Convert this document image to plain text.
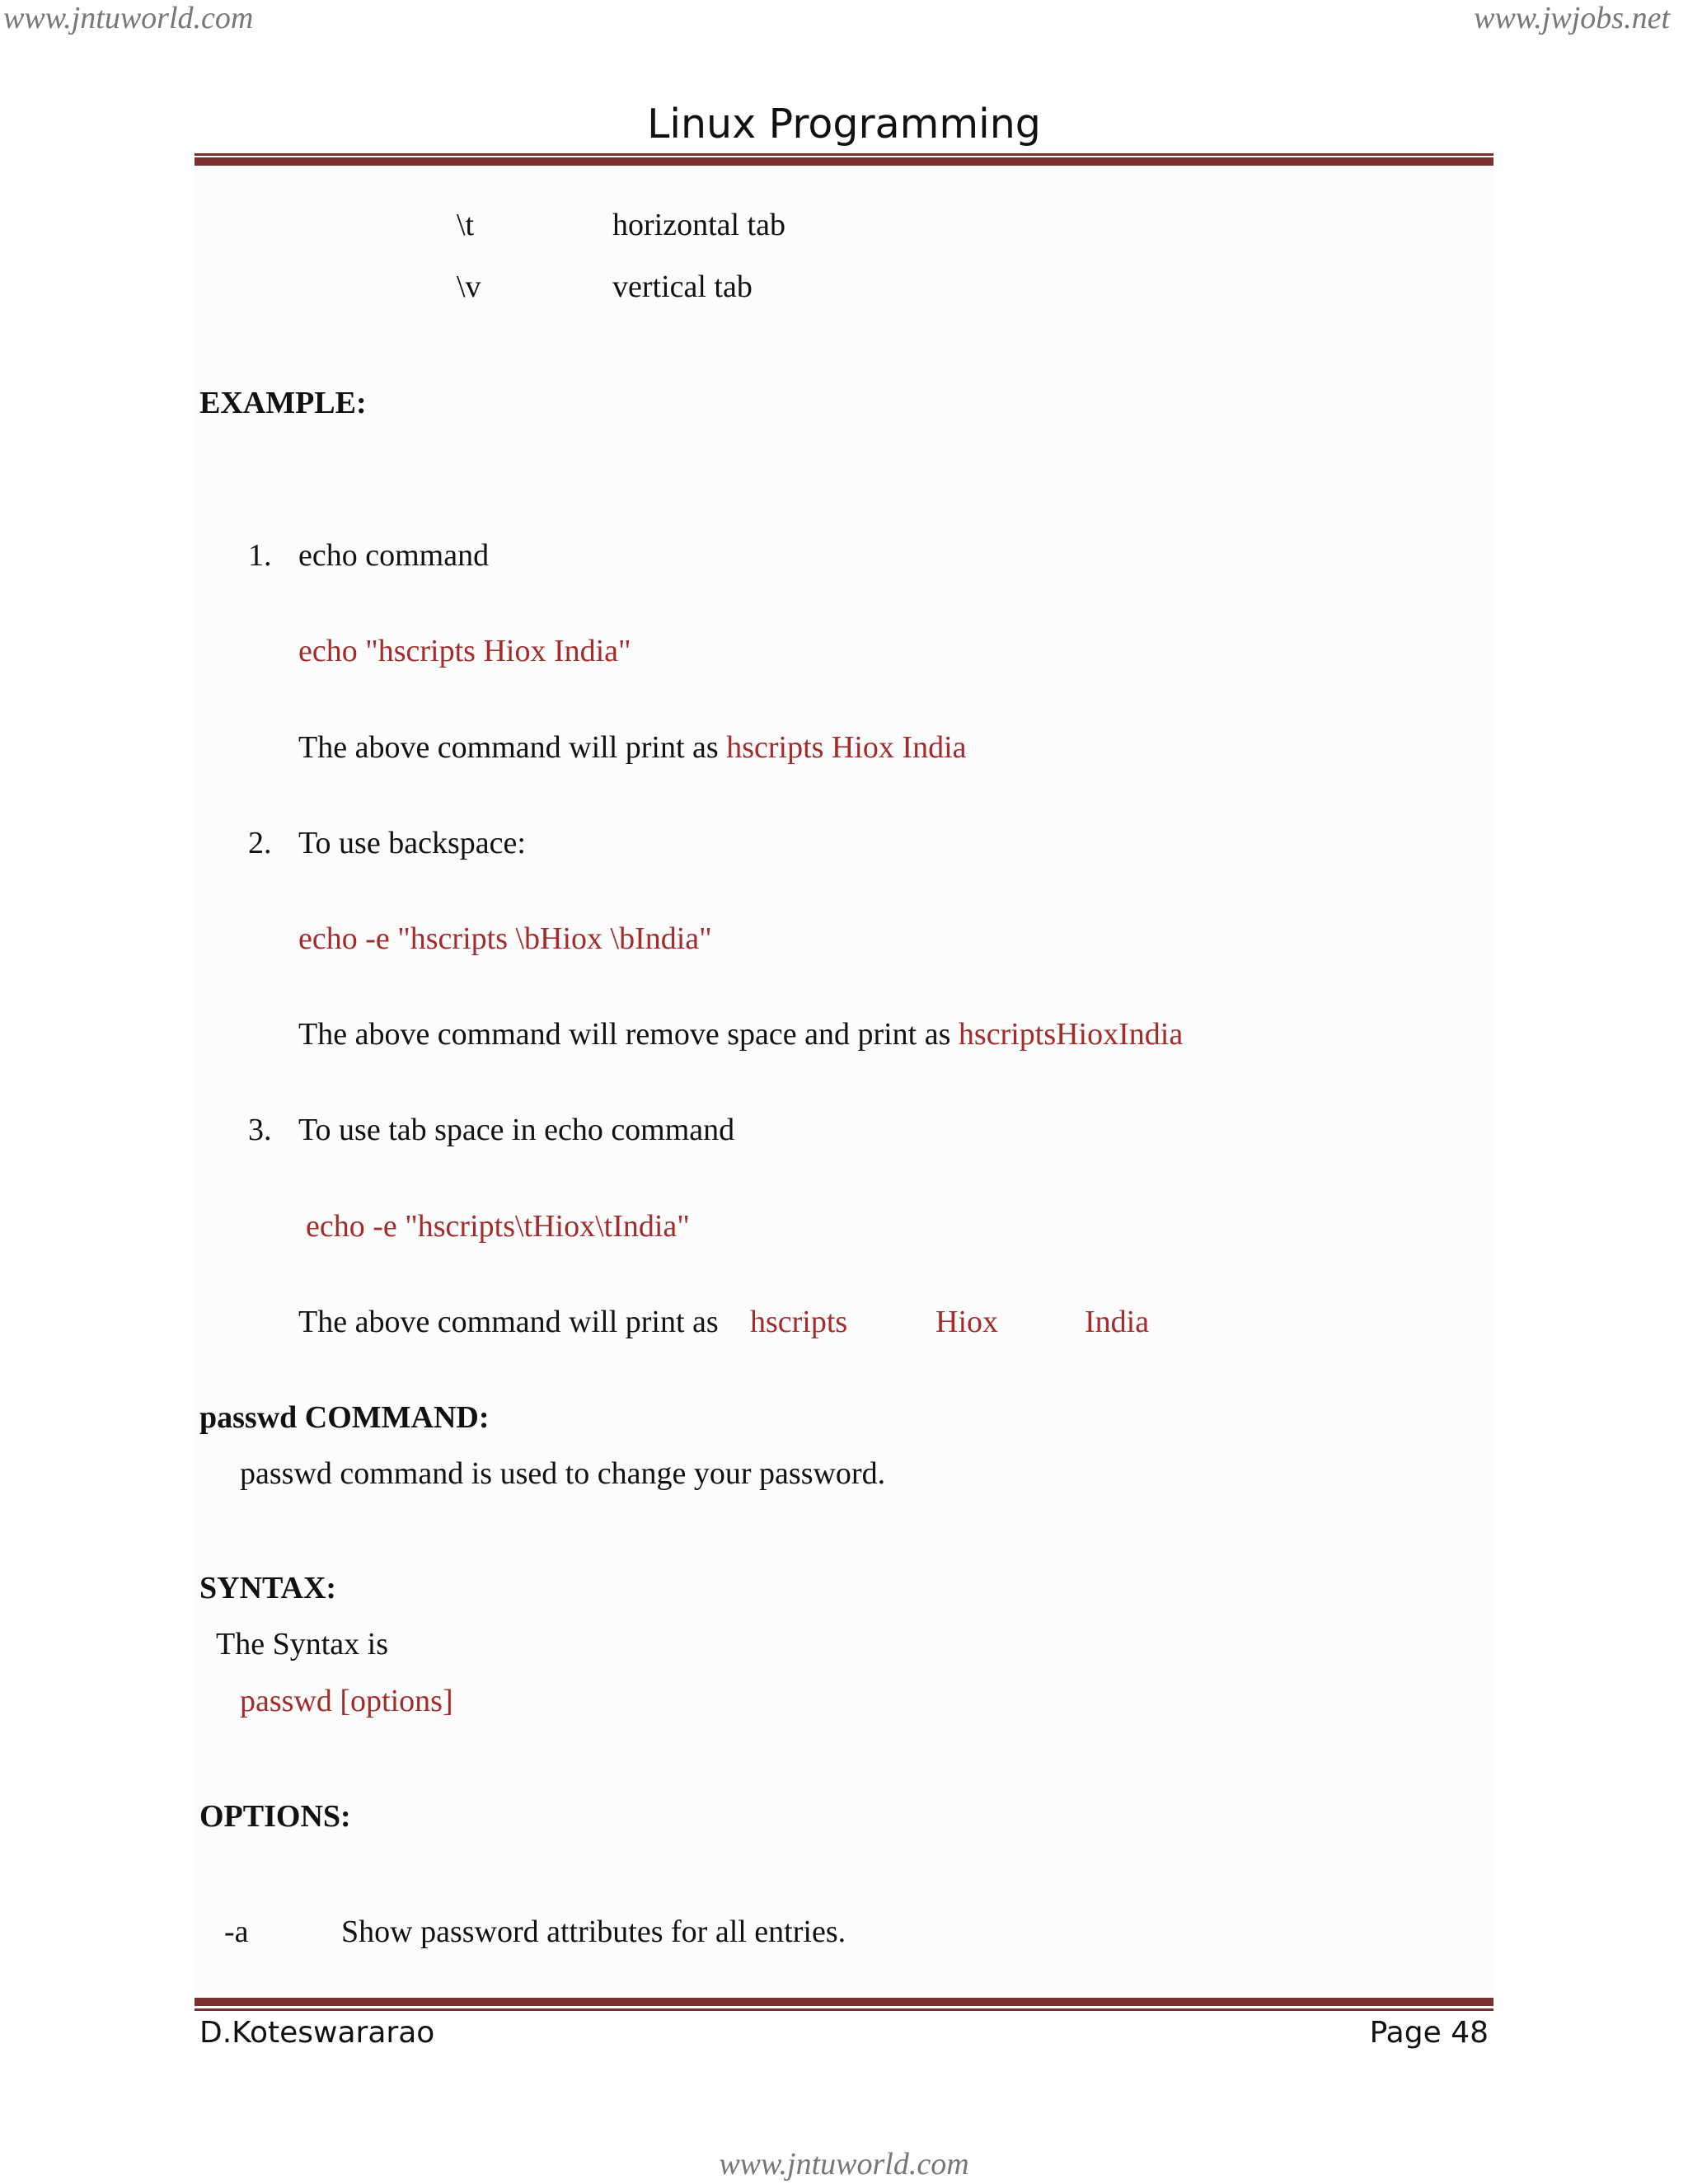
www.jntuworld.com	www.jwjobs.net
Linux Programming
\t	horizontal tab
\v	vertical tab
EXAMPLE:
1. echo command
echo "hscripts Hiox India"
The above command will print as hscripts Hiox India
2. To use backspace:
echo -e "hscripts \bHiox \bIndia"
The above command will remove space and print as hscriptsHioxIndia
3. To use tab space in echo command
echo -e "hscripts\tHiox\tIndia"
The above command will print as hscripts	Hiox	India
passwd COMMAND:
passwd command is used to change your password.
SYNTAX:
The Syntax is
passwd [options]
OPTIONS:
-a	Show password attributes for all entries.
D.Koteswararao	Page 48
www.jntuworld.com
